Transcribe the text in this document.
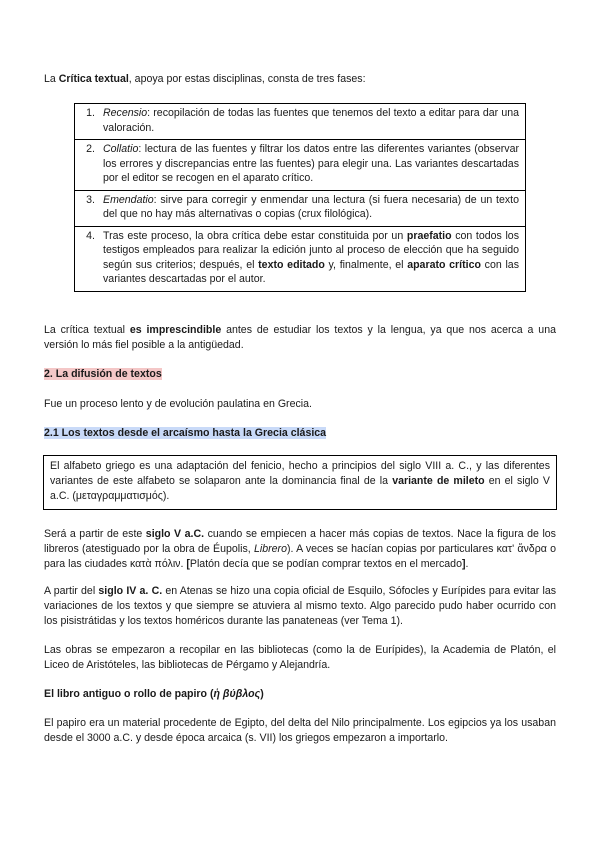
La Crítica textual, apoya por estas disciplinas, consta de tres fases:

1.	Recensio: recopilación de todas las fuentes que tenemos del texto a editar para dar una valoración.
2.	Collatio: lectura de las fuentes y filtrar los datos entre las diferentes variantes (observar los errores y discrepancias entre las fuentes) para elegir una. Las variantes descartadas por el editor se recogen en el aparato crítico.
3.	Emendatio: sirve para corregir y enmendar una lectura (si fuera necesaria) de un texto del que no hay más alternativas o copias (crux filológica).
4.	Tras este proceso, la obra crítica debe estar constituida por un praefatio con todos los testigos empleados para realizar la edición junto al proceso de elección que ha seguido según sus criterios; después, el texto editado y, finalmente, el aparato crítico con las variantes descartadas por el autor.

La crítica textual es imprescindible antes de estudiar los textos y la lengua, ya que nos acerca a una versión lo más fiel posible a la antigüedad.

2. La difusión de textos

Fue un proceso lento y de evolución paulatina en Grecia.

2.1 Los textos desde el arcaísmo hasta la Grecia clásica

El alfabeto griego es una adaptación del fenicio, hecho a principios del siglo VIII a. C., y las diferentes variantes de este alfabeto se solaparon ante la dominancia final de la variante de mileto en el siglo V a.C. (μεταγραμματισμός).

Será a partir de este siglo V a.C. cuando se empiecen a hacer más copias de textos. Nace la figura de los libreros (atestiguado por la obra de Éupolis, Librero). A veces se hacían copias por particulares κατ' ἄνδρα o para las ciudades κατὰ πόλιν. [Platón decía que se podían comprar textos en el mercado].

A partir del siglo IV a. C. en Atenas se hizo una copia oficial de Esquilo, Sófocles y Eurípides para evitar las variaciones de los textos y que siempre se atuviera al mismo texto. Algo parecido pudo haber ocurrido con los pisistrátidas y los textos homéricos durante las panateneas (ver Tema 1).

Las obras se empezaron a recopilar en las bibliotecas (como la de Eurípides), la Academia de Platón, el Liceo de Aristóteles, las bibliotecas de Pérgamo y Alejandría.

El libro antiguo o rollo de papiro (ἡ βύβλος)

El papiro era un material procedente de Egipto, del delta del Nilo principalmente. Los egipcios ya los usaban desde el 3000 a.C. y desde época arcaica (s. VII) los griegos empezaron a importarlo.
